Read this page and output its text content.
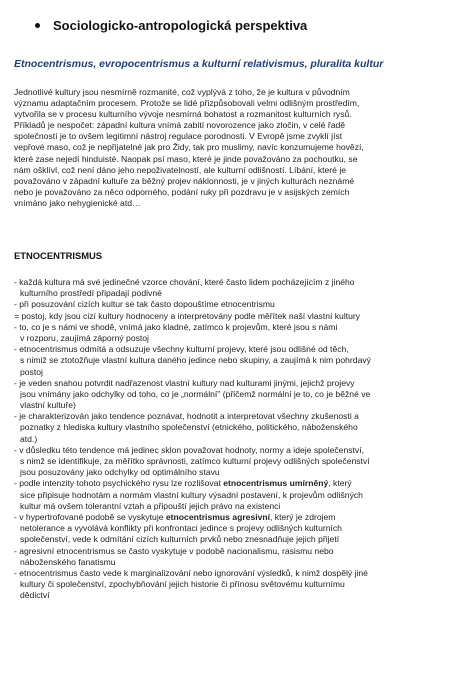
Sociologicko-antropologická perspektiva
Etnocentrismus, evropocentrismus a kulturní relativismus, pluralita kultur
Jednotlivé kultury jsou nesmírně rozmanité, což vyplývá z toho, že je kultura v původním
významu adaptačním procesem. Protože se lidé přizpůsobovali velmi odlišným prostředím,
vytvořila se v procesu kulturního vývoje nesmírná bohatost a rozmanitost kulturních rysů.
Příkladů je nespočet: západní kultura vnímá zabití novorozence jako zločin, v celé řadě
společností je to ovšem legitimní nástroj regulace porodnosti. V Evropě jsme zvyklí jíst
vepřové maso, což je nepřijatelné jak pro Židy, tak pro muslimy, navíc konzumujeme hovězí,
které zase nejedí hinduisté. Naopak psí maso, které je jinde považováno za pochoutku, se
nám ošklívl, což není dáno jeho nepoživatelností, ale kulturní odlišností. Líbání, které je
považováno v západní kultuře za běžný projev náklonnosti, je v jiných kulturách neznámé
nebo je považováno za něco odporného, podání ruky při pozdravu je v asijských zemích
vnímáno jako nehygienické atd…
ETNOCENTRISMUS
- každá kultura má své jedinečné vzorce chování, které často lidem pocházejícím z jiného
kulturního prostředí připadají podivné
- při posuzování cizích kultur se tak často dopouštíme etnocentrismu
= postoj, kdy jsou cizí kultury hodnoceny a interpretovány podle měřítek naší vlastní kultury
- to, co je s námi ve shodě, vnímá jako kladné, zatímco k projevům, které jsou s námi
v rozporu, zaujímá záporný postoj
- etnocentrismus odmítá a odsuzuje všechny kulturní projevy, které jsou odlišné od těch,
s nimiž se ztotožňuje vlastní kultura daného jedince nebo skupiny, a zaujímá k nim pohrdavý
postoj
- je veden snahou potvrdit nadřazenost vlastní kultury nad kulturami jinými, jejichž projevy
jsou vnímány jako odchylky od toho, co je „normální" (přičemž normální je to, co je běžné ve
vlastní kultuře)
- je charakterizován jako tendence poznávat, hodnotit a interpretovat všechny zkušenosti a
poznatky z hlediska kultury vlastního společenství (etnického, politického, náboženského
atd.)
- v důsledku této tendence má jedinec sklon považovat hodnoty, normy a ideje společenství,
s nimž se identifikuje, za měřítko správnosti, zatímco kulturní projevy odlišných společenství
jsou posuzovány jako odchylky od optimálního stavu
- podle intenzity tohoto psychického rysu lze rozlišovat etnocentrismus umírněný, který
sice připisuje hodnotám a normám vlastní kultury výsadní postavení, k projevům odlišných
kultur má ovšem tolerantní vztah a připouští jejich právo na existenci
- v hypertrofované podobě se vyskytuje etnocentrismus agresivní, který je zdrojem
netolerance a vyvolává konflikty při konfrontaci jedince s projevy odlišných kulturních
společenství, vede k odmítání cizích kulturních prvků nebo znesnadňuje jejich přijetí
- agresivní etnocentrismus se často vyskytuje v podobě nacionalismu, rasismu nebo
náboženského fanatismu
- etnocentrismus často vede k marginalizování nebo ignorování výsledků, k nimž dospělý jiné
kultury či společenství, zpochybňování jejich historie či přínosu světovému kulturnímu
dědictví
